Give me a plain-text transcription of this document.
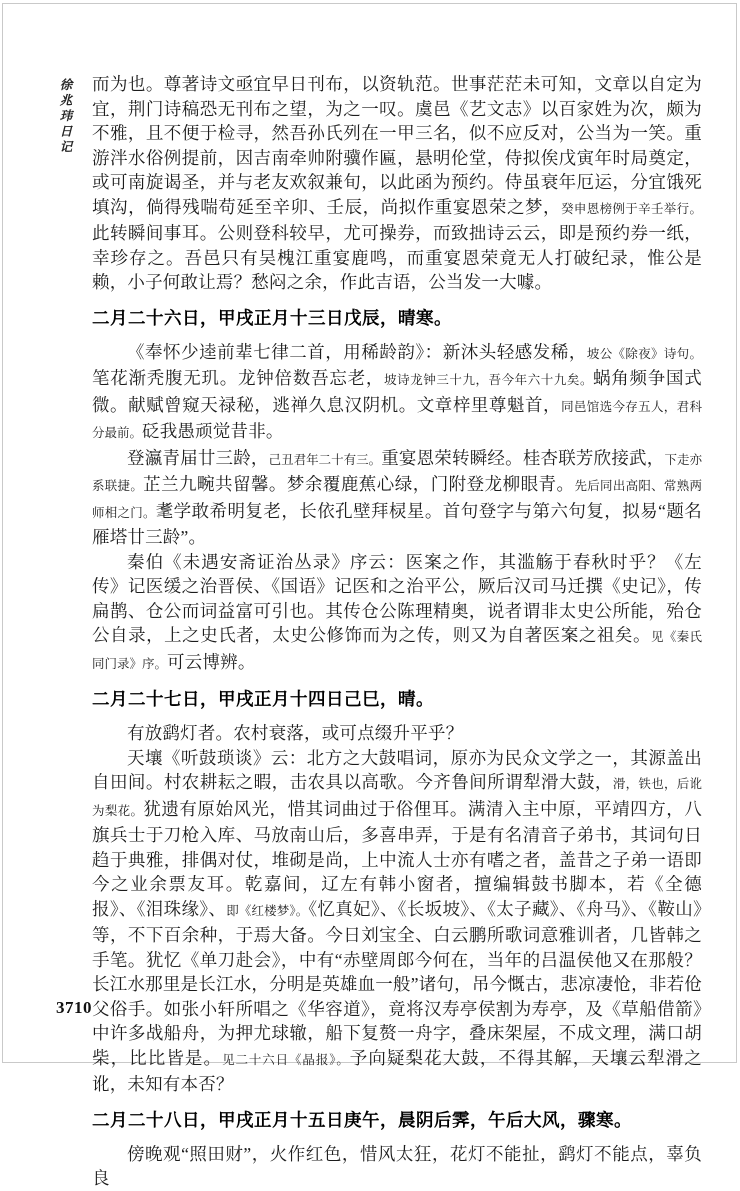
徐兆玮日记 而为也。尊著诗文亟宜早日刊布，以资轨范。世事茫茫未可知，文章以自定为宜，荆门诗稿恐无刊布之望，为之一叹。虞邑《艺文志》以百家姓为次，颇为不雅，且不便于检寻，然吾孙氏列在一甲三名，似不应反对，公当为一笑。重游泮水俗例提前，因吉南牵帅附骥作匾，悬明伦堂，侍拟俟戊寅年时局奠定，或可南旋谒圣，并与老友欢叙兼旬，以此函为预约。侍虽衰年厄运，分宜饿死填沟，倘得残喘苟延至辛卯、壬辰，尚拟作重宴恩荣之梦，癸申恩榜例于辛壬举行。此转瞬间事耳。公则登科较早，尤可操券，而致拙诗云云，即是预约券一纸，幸珍存之。吾邑只有吴槐江重宴鹿鸣，而重宴恩荣竟无人打破纪录，惟公是赖，小子何敢让焉？愁闷之余，作此吉语，公当发一大噱。

二月二十六日，甲戌正月十三日戊辰，晴寒。

《奉怀少逵前辈七律二首，用稀龄韵》：新沐头轻感发稀，坡公《除夜》诗句。笔花渐秃腹无玑。龙钟倍数吾忘老，坡诗龙钟三十九，吾今年六十九矣。蜗角频争国式微。献赋曾窥天禄秘，逃禅久息汉阴机。文章梓里尊魁首，同邑馆选今存五人，君科分最前。砭我愚顽觉昔非。

登瀛青届廿三龄，己丑君年二十有三。重宴恩荣转瞬经。桂杏联芳欣接武，下走亦系联捷。芷兰九畹共留馨。梦余覆鹿蕉心绿，门附登龙柳眼青。先后同出高阳、常熟两师相之门。耄学敢希明复老，长依孔壁拜棂星。首句登字与第六句复，拟易“题名雁塔廿三龄”。

秦伯《未遇安斋证治丛录》序云：医案之作，其滥觞于春秋时乎？《左传》记医缓之治晋侯、《国语》记医和之治平公，厥后汉司马迁撰《史记》，传扁鹊、仓公而词益富可引也。其传仓公陈理精奥，说者谓非太史公所能，殆仓公自录，上之史氏者，太史公修饰而为之传，则又为自著医案之祖矣。见《秦氏同门录》序。可云博辨。

二月二十七日，甲戌正月十四日己巳，晴。

有放鹞灯者。农村衰落，或可点缀升平乎？

天壤《听鼓琐谈》云：北方之大鼓唱词，原亦为民众文学之一，其源盖出自田间。村农耕耘之暇，击农具以高歌。今齐鲁间所谓犁滑大鼓，滑，铁也，后讹为梨花。犹遗有原始风光，惜其词曲过于俗俚耳。满清入主中原，平靖四方，八旗兵士于刀枪入库、马放南山后，多喜串弄，于是有名清音子弟书，其词句日趋于典雅，排偶对仗，堆砌是尚，上中流人士亦有嗜之者，盖昔之子弟一语即今之业余票友耳。乾嘉间，辽左有韩小窗者，擅编辑鼓书脚本，若《全德报》、《泪珠缘》、即《红楼梦》。《忆真妃》、《长坂坡》、《太子藏》、《舟马》、《鞍山》等，不下百余种，于焉大备。今日刘宝全、白云鹏所歌词意雅训者，几皆韩之手笔。犹忆《单刀赴会》，中有“赤壁周郎今何在，当年的吕温侯他又在那般？长江水那里是长江水，分明是英雄血一般”诸句，吊今慨古，悲凉凄怆，非若伧父俗手。如张小轩所唱之《华容道》，竟将汉寿亭侯割为寿亭，及《草船借箭》中许多战船舟，为押尤球辙，船下复赘一舟字，叠床架屋，不成文理，满口胡柴，比比皆是。见二十六日《晶报》。予向疑梨花大鼓，不得其解，天壤云犁滑之讹，未知有本否？

二月二十八日，甲戌正月十五日庚午，晨阴后霁，午后大风，骤寒。

傍晚观“照田财”，火作红色，惜风太狂，花灯不能扯，鹞灯不能点，辜负良

3710
